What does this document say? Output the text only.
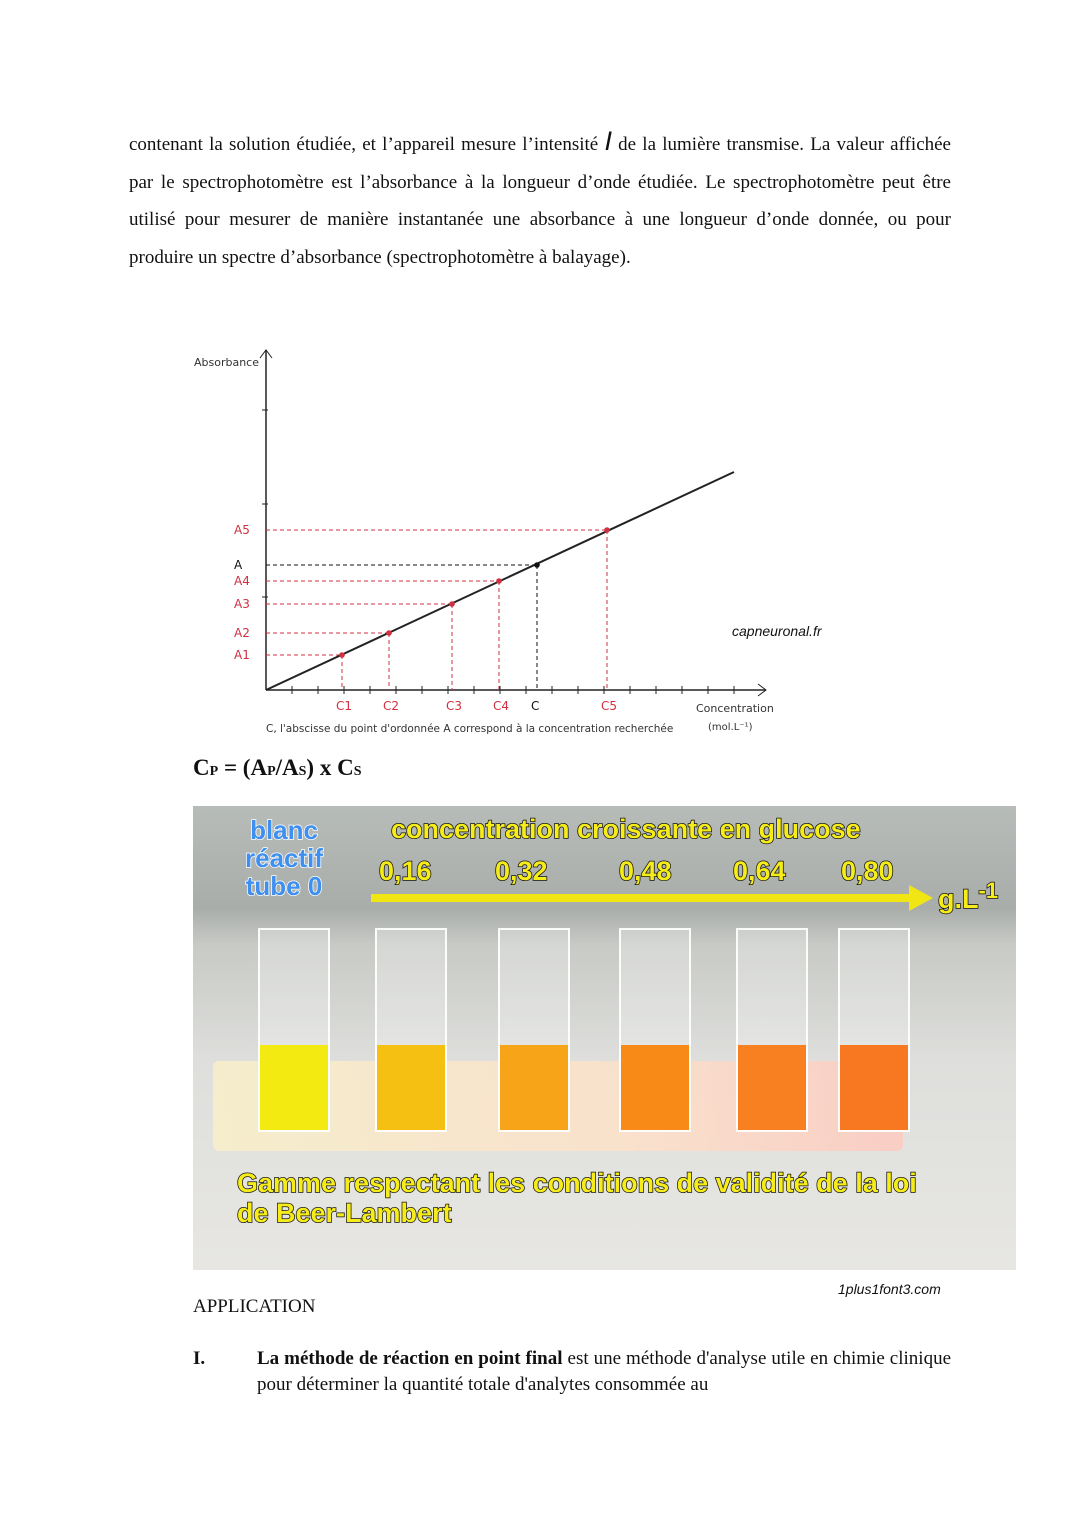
contenant la solution étudiée, et l’appareil mesure l’intensité I de la lumière transmise. La valeur affichée par le spectrophotomètre est l’absorbance à la longueur d’onde étudiée. Le spectrophotomètre peut être utilisé pour mesurer de manière instantanée une absorbance à une longueur d’onde donnée, ou pour produire un spectre d’absorbance (spectrophotomètre à balayage).

Absorbance
Concentration
(mol.L⁻¹)
C, l'abscisse du point d'ordonnée A correspond à la concentration recherchée
C1
A1
C2
A2
C3
A3
C4
A4
C
A
C5
A5
capneuronal.fr
CP = (AP/AS) x CS
concentration croissante en glucose
blanc
réactif
tube 0 0,16 0,32	0,48 0,64 0,80
$g.L^{-1}$
Gamme respectant les conditions de validité de la loi
de Beer-Lambert
1plus1font3.com
APPLICATION
I.	La méthode de réaction en point final est une méthode d'analyse utile en chimie clinique pour déterminer la quantité totale d'analytes consommée au
